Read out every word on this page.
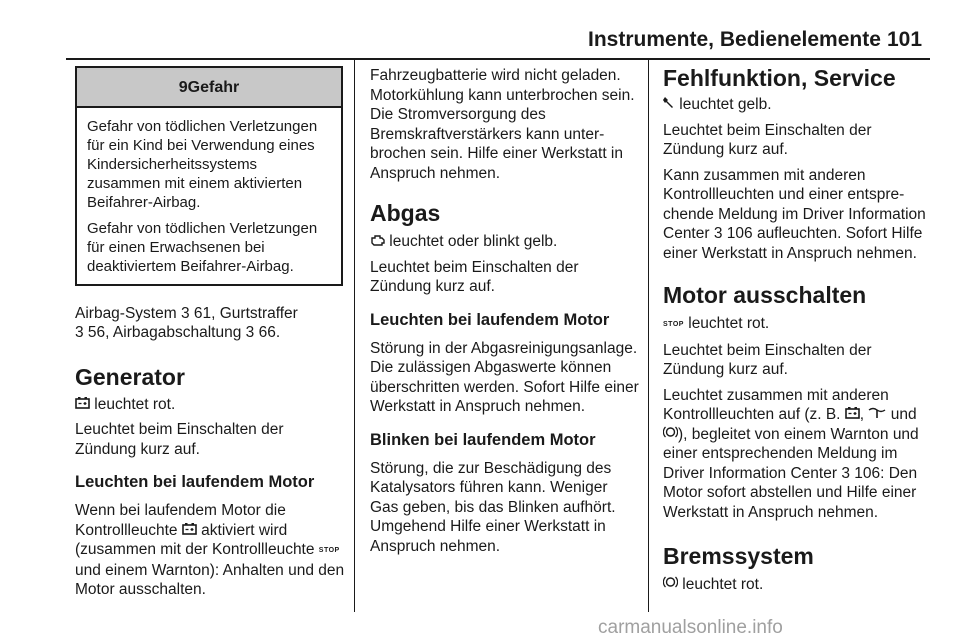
Instrumente, Bedienelemente 101
9Gefahr

Gefahr von tödlichen Verletzungen für ein Kind bei Verwendung eines Kindersicherheitssystems zusammen mit einem aktivierten Beifahrer-Airbag.

Gefahr von tödlichen Verletzungen für einen Erwachsenen bei deaktiviertem Beifahrer-Airbag.

Airbag-System 3 61, Gurtstraffer
3 56, Airbagabschaltung 3 66.

Generator

leuchtet rot.

Leuchtet beim Einschalten der Zündung kurz auf.

Leuchten bei laufendem Motor

Wenn bei laufendem Motor die Kontrollleuchte  aktiviert wird (zusammen mit der Kontrollleuchte STOP und einem Warnton): Anhalten und den Motor ausschalten.

Fahrzeugbatterie wird nicht geladen. Motorkühlung kann unterbrochen sein. Die Stromversorgung des Bremskraftverstärkers kann unterbrochen sein. Hilfe einer Werkstatt in Anspruch nehmen.

Abgas

leuchtet oder blinkt gelb.

Leuchtet beim Einschalten der Zündung kurz auf.

Leuchten bei laufendem Motor

Störung in der Abgasreinigungsanlage. Die zulässigen Abgaswerte können überschritten werden. Sofort Hilfe einer Werkstatt in Anspruch nehmen.

Blinken bei laufendem Motor

Störung, die zur Beschädigung des Katalysators führen kann. Weniger Gas geben, bis das Blinken aufhört. Umgehend Hilfe einer Werkstatt in Anspruch nehmen.

Fehlfunktion, Service

leuchtet gelb.

Leuchtet beim Einschalten der Zündung kurz auf.

Kann zusammen mit anderen Kontrollleuchten und einer entsprechende Meldung im Driver Information Center 3 106 aufleuchten. Sofort Hilfe einer Werkstatt in Anspruch nehmen.

Motor ausschalten

STOP leuchtet rot.

Leuchtet beim Einschalten der Zündung kurz auf.

Leuchtet zusammen mit anderen Kontrollleuchten auf (z. B. ,  und ), begleitet von einem Warnton und einer entsprechenden Meldung im Driver Information Center 3 106: Den Motor sofort abstellen und Hilfe einer Werkstatt in Anspruch nehmen.

Bremssystem

leuchtet rot.

carmanualsonline.info
